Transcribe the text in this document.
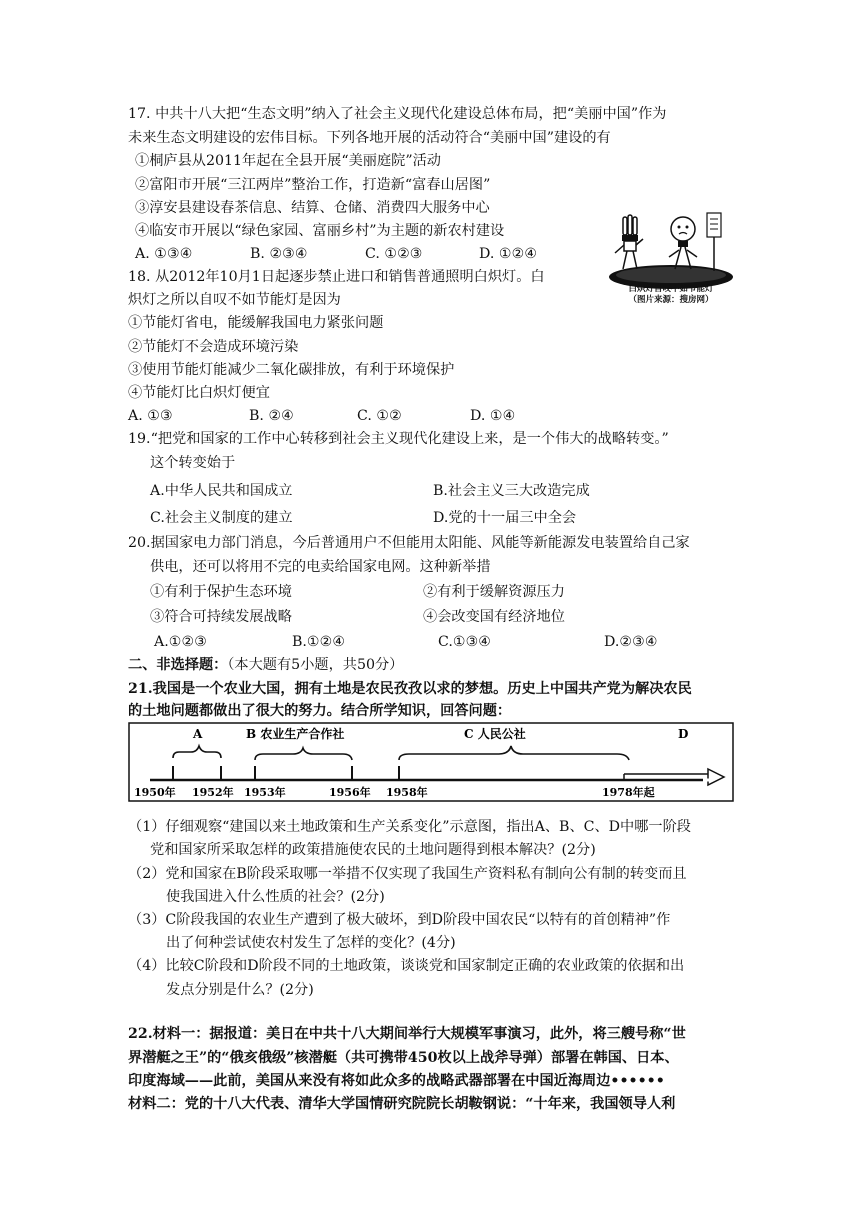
17. 中共十八大把“生态文明”纳入了社会主义现代化建设总体布局，把“美丽中国”作为
未来生态文明建设的宏伟目标。下列各地开展的活动符合“美丽中国”建设的有
①桐庐县从2011年起在全县开展“美丽庭院”活动
②富阳市开展“三江两岸”整治工作，打造新“富春山居图”
③淳安县建设春茶信息、结算、仓储、消费四大服务中心
④临安市开展以“绿色家园、富丽乡村”为主题的新农村建设
A. ①③④	B. ②③④	C. ①②③	D. ①②④
白炽灯自叹不如节能灯
（图片来源：搜房网）
18. 从2012年10月1日起逐步禁止进口和销售普通照明白炽灯。白
炽灯之所以自叹不如节能灯是因为
①节能灯省电，能缓解我国电力紧张问题
②节能灯不会造成环境污染
③使用节能灯能减少二氧化碳排放，有利于环境保护
④节能灯比白炽灯便宜
A. ①③	B. ②④	C. ①②	D. ①④
19.“把党和国家的工作中心转移到社会主义现代化建设上来，是一个伟大的战略转变。”
这个转变始于
A.中华人民共和国成立	B.社会主义三大改造完成
C.社会主义制度的建立	D.党的十一届三中全会
20.据国家电力部门消息，今后普通用户不但能用太阳能、风能等新能源发电装置给自己家
供电，还可以将用不完的电卖给国家电网。这种新举措
①有利于保护生态环境	②有利于缓解资源压力
③符合可持续发展战略	④会改变国有经济地位
A.①②③	B.①②④	C.①③④	D.②③④
二、非选择题：（本大题有5小题，共50分）
21.我国是一个农业大国，拥有土地是农民孜孜以求的梦想。历史上中国共产党为解决农民
的土地问题都做出了很大的努力。结合所学知识，回答问题：
A	B 农业生产合作社	C 人民公社	D
1950年 1952年 1953年	1956年 1958年	1978年起
（1）仔细观察“建国以来土地政策和生产关系变化”示意图，指出A、B、C、D中哪一阶段
党和国家所采取怎样的政策措施使农民的土地问题得到根本解决？(2分)
（2）党和国家在B阶段采取哪一举措不仅实现了我国生产资料私有制向公有制的转变而且
使我国进入什么性质的社会？(2分)
（3）C阶段我国的农业生产遭到了极大破坏，到D阶段中国农民“以特有的首创精神”作
出了何种尝试使农村发生了怎样的变化？(4分)
（4）比较C阶段和D阶段不同的土地政策，谈谈党和国家制定正确的农业政策的依据和出
发点分别是什么？(2分)
22.材料一：据报道：美日在中共十八大期间举行大规模军事演习，此外，将三艘号称“世
界潜艇之王”的“俄亥俄级”核潜艇（共可携带450枚以上战斧导弹）部署在韩国、日本、
印度海域——此前，美国从来没有将如此众多的战略武器部署在中国近海周边••••••
材料二：党的十八大代表、清华大学国情研究院院长胡鞍钢说：“十年来，我国领导人利
